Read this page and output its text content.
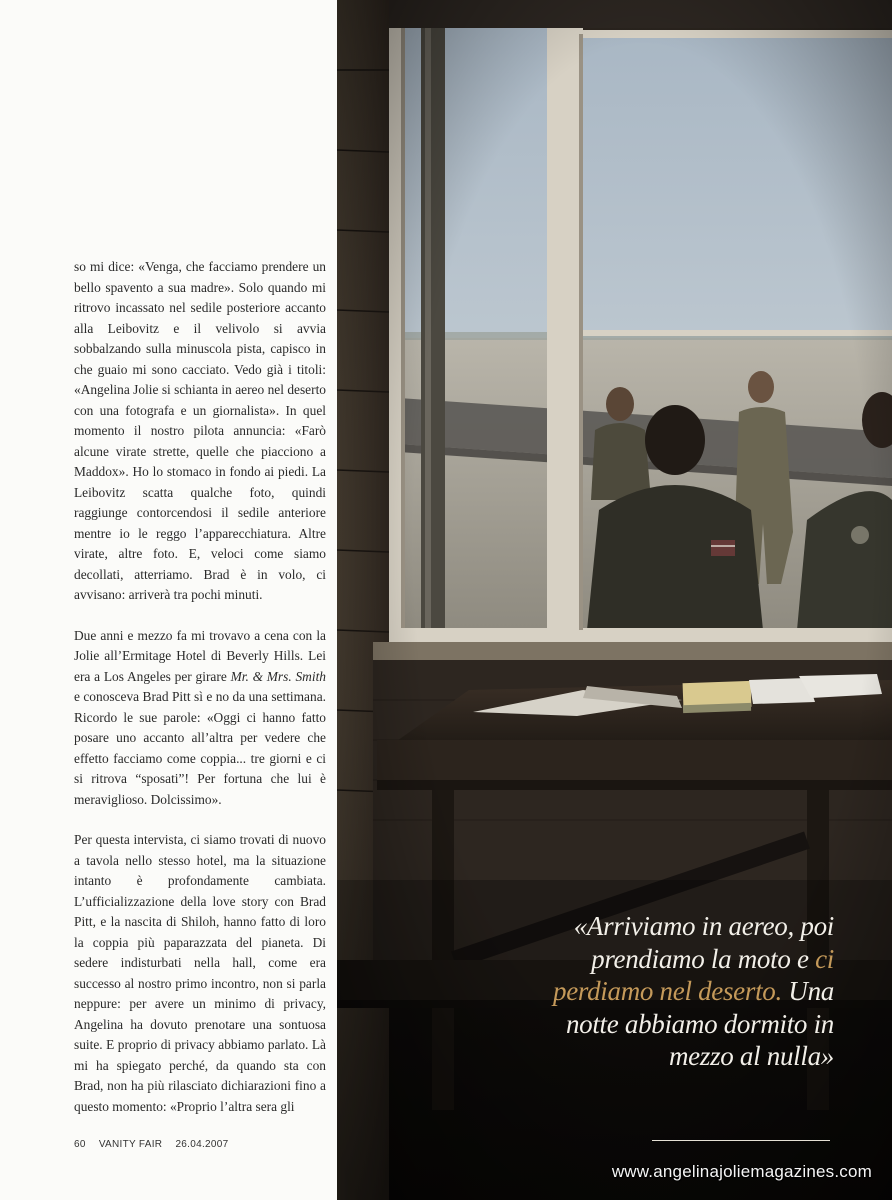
so mi dice: «Venga, che facciamo prendere un bello spavento a sua madre». Solo quando mi ritrovo incassato nel sedile posteriore accanto alla Leibovitz e il velivolo si avvia sobbalzando sulla minuscola pista, capisco in che guaio mi sono cacciato. Vedo già i titoli: «Angelina Jolie si schianta in aereo nel deserto con una fotografa e un giornalista». In quel momento il nostro pilota annuncia: «Farò alcune virate strette, quelle che piacciono a Maddox». Ho lo stomaco in fondo ai piedi. La Leibovitz scatta qualche foto, quindi raggiunge contorcendosi il sedile anteriore mentre io le reggo l’apparecchiatura. Altre virate, altre foto. E, veloci come siamo decollati, atterriamo. Brad è in volo, ci avvisano: arriverà tra pochi minuti.

Due anni e mezzo fa mi trovavo a cena con la Jolie all’Ermitage Hotel di Beverly Hills. Lei era a Los Angeles per girare Mr. & Mrs. Smith e conosceva Brad Pitt sì e no da una settimana. Ricordo le sue parole: «Oggi ci hanno fatto posare uno accanto all’altra per vedere che effetto facciamo come coppia... tre giorni e ci si ritrova “sposati”! Per fortuna che lui è meraviglioso. Dolcissimo».

Per questa intervista, ci siamo trovati di nuovo a tavola nello stesso hotel, ma la situazione intanto è profondamente cambiata. L’ufficializzazione della love story con Brad Pitt, e la nascita di Shiloh, hanno fatto di loro la coppia più paparazzata del pianeta. Di sedere indisturbati nella hall, come era successo al nostro primo incontro, non si parla neppure: per avere un minimo di privacy, Angelina ha dovuto prenotare una sontuosa suite. E proprio di privacy abbiamo parlato. Là mi ha spiegato perché, da quando sta con Brad, non ha più rilasciato dichiarazioni fino a questo momento: «Proprio l’altra sera gli

60 VANITY FAIR 26.04.2007
«Arriviamo in aereo, poi prendiamo la moto e ci perdiamo nel deserto. Una notte abbiamo dormito in mezzo al nulla»
www.angelinajoliemagazines.com
